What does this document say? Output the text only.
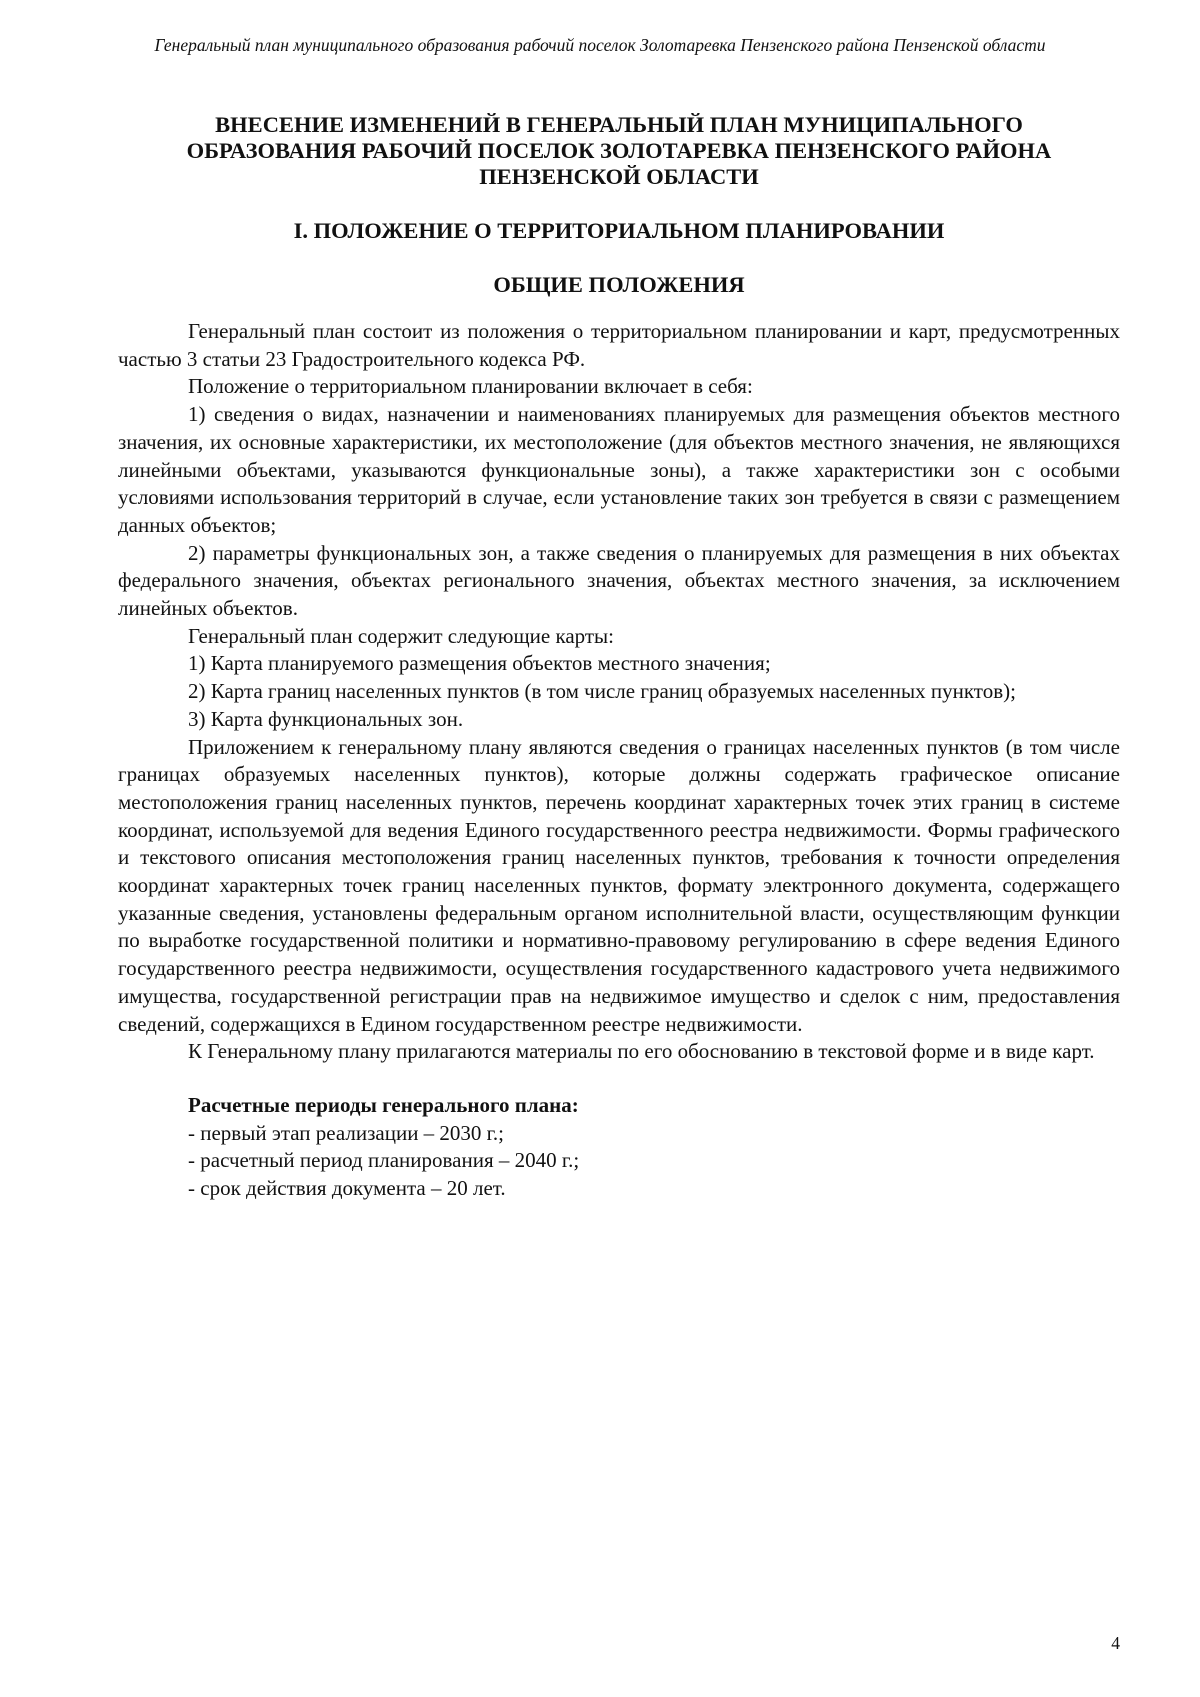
Генеральный план муниципального образования рабочий поселок Золотаревка Пензенского района Пензенской области
ВНЕСЕНИЕ ИЗМЕНЕНИЙ В ГЕНЕРАЛЬНЫЙ ПЛАН МУНИЦИПАЛЬНОГО ОБРАЗОВАНИЯ РАБОЧИЙ ПОСЕЛОК ЗОЛОТАРЕВКА ПЕНЗЕНСКОГО РАЙОНА ПЕНЗЕНСКОЙ ОБЛАСТИ
I. ПОЛОЖЕНИЕ О ТЕРРИТОРИАЛЬНОМ ПЛАНИРОВАНИИ
ОБЩИЕ ПОЛОЖЕНИЯ

Генеральный план состоит из положения о территориальном планировании и карт, предусмотренных частью 3 статьи 23 Градостроительного кодекса РФ.

Положение о территориальном планировании включает в себя:

1) сведения о видах, назначении и наименованиях планируемых для размещения объектов местного значения, их основные характеристики, их местоположение (для объектов местного значения, не являющихся линейными объектами, указываются функциональные зоны), а также характеристики зон с особыми условиями использования территорий в случае, если установление таких зон требуется в связи с размещением данных объектов;

2) параметры функциональных зон, а также сведения о планируемых для размещения в них объектах федерального значения, объектах регионального значения, объектах местного значения, за исключением линейных объектов.

Генеральный план содержит следующие карты:

1) Карта планируемого размещения объектов местного значения;

2) Карта границ населенных пунктов (в том числе границ образуемых населенных пунктов);

3) Карта функциональных зон.

Приложением к генеральному плану являются сведения о границах населенных пунктов (в том числе границах образуемых населенных пунктов), которые должны содержать графическое описание местоположения границ населенных пунктов, перечень координат характерных точек этих границ в системе координат, используемой для ведения Единого государственного реестра недвижимости. Формы графического и текстового описания местоположения границ населенных пунктов, требования к точности определения координат характерных точек границ населенных пунктов, формату электронного документа, содержащего указанные сведения, установлены федеральным органом исполнительной власти, осуществляющим функции по выработке государственной политики и нормативно-правовому регулированию в сфере ведения Единого государственного реестра недвижимости, осуществления государственного кадастрового учета недвижимого имущества, государственной регистрации прав на недвижимое имущество и сделок с ним, предоставления сведений, содержащихся в Едином государственном реестре недвижимости.

К Генеральному плану прилагаются материалы по его обоснованию в текстовой форме и в виде карт.

Расчетные периоды генерального плана:
- первый этап реализации – 2030 г.;
- расчетный период планирования – 2040 г.;
- срок действия документа – 20 лет.
4
